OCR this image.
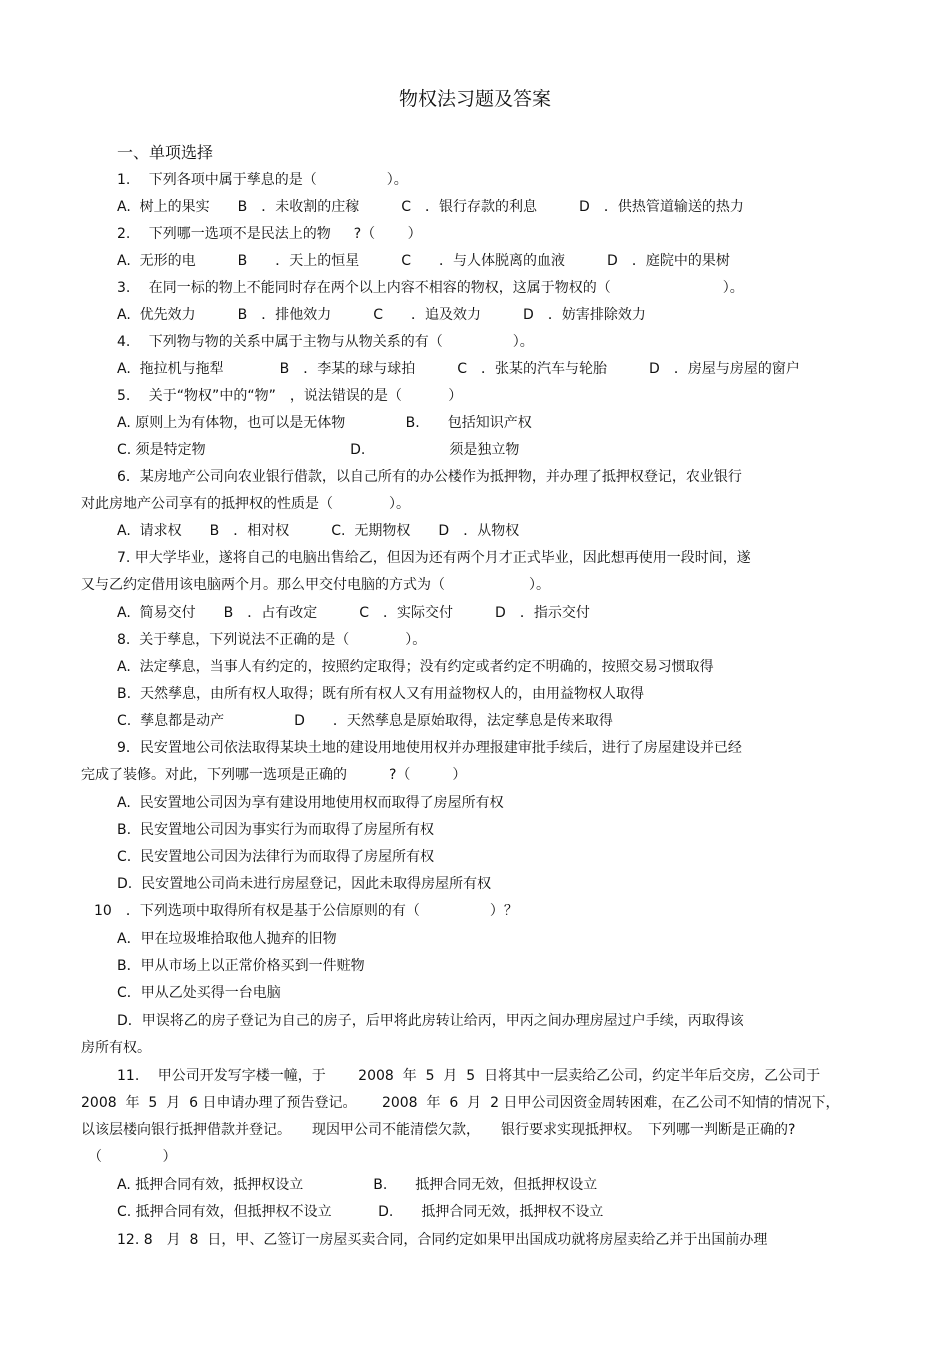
物权法习题及答案
一、单项选择
1.　 下列各项中属于孳息的是（　　　　　）。
A.  树上的果实　　B　．未收割的庄稼　　　C　．银行存款的利息　　　D　．供热管道输送的热力
2.　 下列哪一选项不是民法上的物　  ?（　　 ）
A.  无形的电　　　B　　．天上的恒星　　　C　　．与人体脱离的血液　　　D　．庭院中的果树
3.　 在同一标的物上不能同时存在两个以上内容不相容的物权，这属于物权的（　　　　　　　　）。
A.  优先效力　　　B　．排他效力　　　C　　．追及效力　　　D　．妨害排除效力
4.　 下列物与物的关系中属于主物与从物关系的有（　　　　　）。
A.  拖拉机与拖犁　　　　B　．李某的球与球拍　　　C　．张某的汽车与轮胎　　　D　．房屋与房屋的窗户
5.　 关于“物权”中的“物”　，说法错误的是（　　　 ）
A. 原则上为有体物，也可以是无体物　　　　 B.　　包括知识产权
C. 须是特定物　　　　　　　　　　 D.　　　　　　须是独立物
6．某房地产公司向农业银行借款，以自己所有的办公楼作为抵押物，并办理了抵押权登记，农业银行
对此房地产公司享有的抵押权的性质是（　　　　）。
A.  请求权　　B　．相对权　　　C.  无期物权　　D　．从物权
7. 甲大学毕业，遂将自己的电脑出售给乙，但因为还有两个月才正式毕业，因此想再使用一段时间，遂
又与乙约定借用该电脑两个月。那么甲交付电脑的方式为（　　　　　　）。
A.  简易交付　　B　．占有改定　　　C　．实际交付　　　D　．指示交付
8.  关于孳息，下列说法不正确的是（　　　　）。
A.  法定孳息，当事人有约定的，按照约定取得；没有约定或者约定不明确的，按照交易习惯取得
B.  天然孳息，由所有权人取得；既有所有权人又有用益物权人的，由用益物权人取得
C.  孳息都是动产　　　　　D　　．天然孳息是原始取得，法定孳息是传来取得
9．民安置地公司依法取得某块土地的建设用地使用权并办理报建审批手续后，进行了房屋建设并已经
完成了装修。对此，下列哪一选项是正确的　　　?（　　　）
A.  民安置地公司因为享有建设用地使用权而取得了房屋所有权
B.  民安置地公司因为事实行为而取得了房屋所有权
C.  民安置地公司因为法律行为而取得了房屋所有权
D.  民安置地公司尚未进行房屋登记，因此未取得房屋所有权
10　．下列选项中取得所有权是基于公信原则的有（　　　　　）？
A．甲在垃圾堆拾取他人抛弃的旧物
B．甲从市场上以正常价格买到一件赃物
C．甲从乙处买得一台电脑
D．甲误将乙的房子登记为自己的房子，后甲将此房转让给丙，甲丙之间办理房屋过户手续，丙取得该
房所有权。
11.　 甲公司开发写字楼一幢，于　　 2008  年  5  月  5  日将其中一层卖给乙公司，约定半年后交房，乙公司于
2008  年  5  月  6 日申请办理了预告登记。　　 2008  年  6  月  2 日甲公司因资金周转困难，在乙公司不知情的情况下，
以该层楼向银行抵押借款并登记。　　现因甲公司不能清偿欠款，　　银行要求实现抵押权。　下列哪一判断是正确的?
（　　　　 ）
A. 抵押合同有效，抵押权设立　　　　　B.　　抵押合同无效，但抵押权设立
C. 抵押合同有效，但抵押权不设立　　　 D.　　抵押合同无效，抵押权不设立
12. 8　月  8  日，甲、乙签订一房屋买卖合同，合同约定如果甲出国成功就将房屋卖给乙并于出国前办理
